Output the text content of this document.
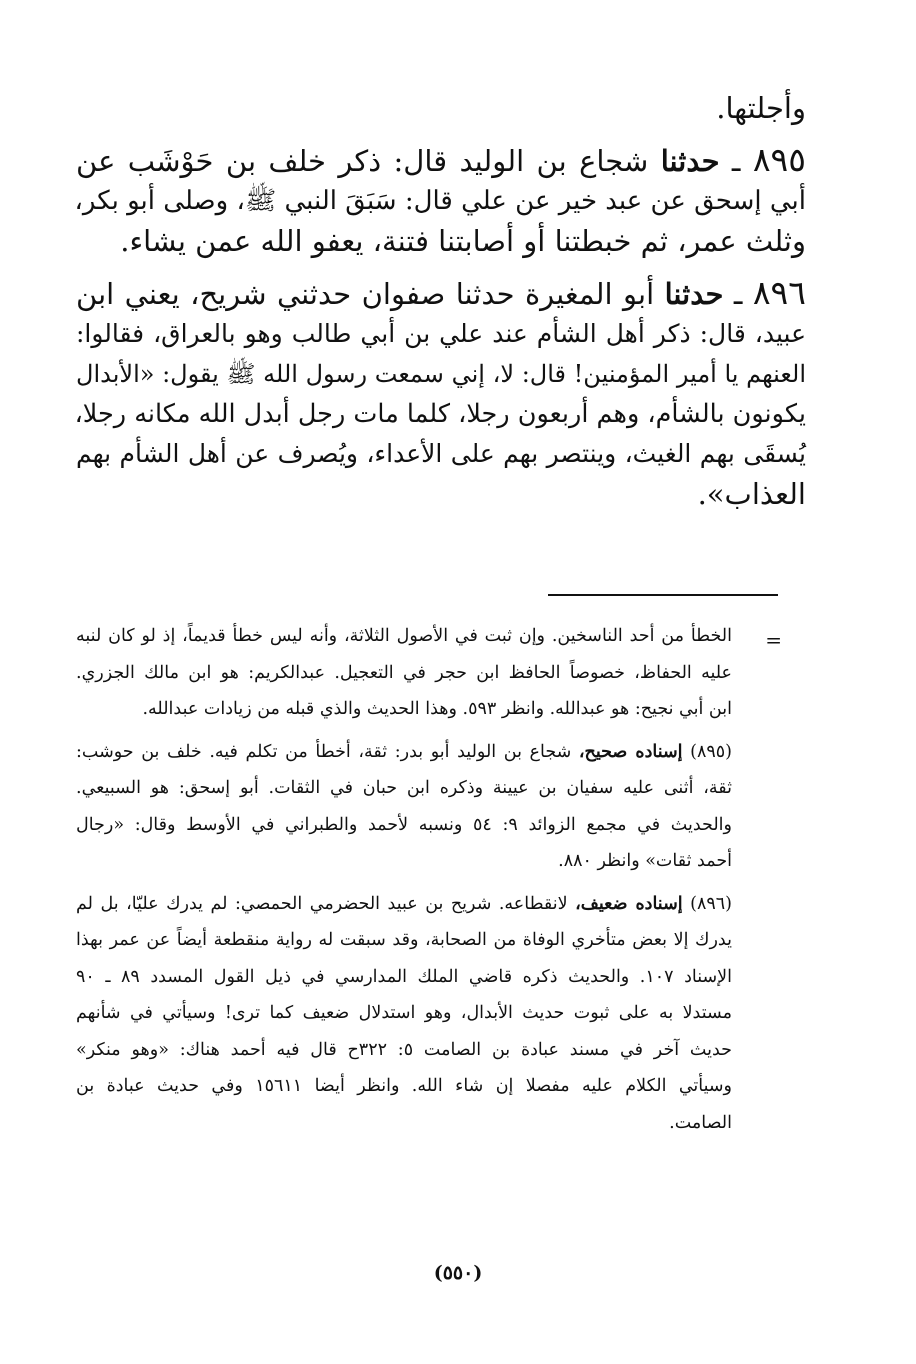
وأجلتها.
٨٩٥ ـ حدثنا شجاع بن الوليد قال: ذكر خلف بن حَوْشَب عن
أبي إسحق عن عبد خير عن علي قال: سَبَقَ النبي ﷺ، وصلى أبو بكر،
وثلث عمر، ثم خبطتنا أو أصابتنا فتنة، يعفو الله عمن يشاء.
٨٩٦ ـ حدثنا أبو المغيرة حدثنا صفوان حدثني شريح، يعني ابن
عبيد، قال: ذكر أهل الشأم عند علي بن أبي طالب وهو بالعراق، فقالوا:
العنهم يا أمير المؤمنين! قال: لا، إني سمعت رسول الله ﷺ يقول: «الأبدال
يكونون بالشأم، وهم أربعون رجلا، كلما مات رجل أبدل الله مكانه رجلا،
يُسقَى بهم الغيث، وينتصر بهم على الأعداء، ويُصرف عن أهل الشأم بهم
العذاب».
=
الخطأ من أحد الناسخين. وإن ثبت في الأصول الثلاثة، وأنه ليس خطأ قديماً، إذ لو كان لنبه
عليه الحفاظ، خصوصاً الحافظ ابن حجر في التعجيل. عبدالكريم: هو ابن مالك الجزري.
ابن أبي نجيح: هو عبدالله. وانظر ٥٩٣. وهذا الحديث والذي قبله من زيادات عبدالله.
(٨٩٥) إسناده صحيح، شجاع بن الوليد أبو بدر: ثقة، أخطأ من تكلم فيه. خلف بن حوشب:
ثقة، أثنى عليه سفيان بن عيينة وذكره ابن حبان في الثقات. أبو إسحق: هو السبيعي.
والحديث في مجمع الزوائد ٩: ٥٤ ونسبه لأحمد والطبراني في الأوسط وقال: «رجال
أحمد ثقات» وانظر ٨٨٠.
(٨٩٦) إسناده ضعيف، لانقطاعه. شريح بن عبيد الحضرمي الحمصي: لم يدرك عليّا، بل لم
يدرك إلا بعض متأخري الوفاة من الصحابة، وقد سبقت له رواية منقطعة أيضاً عن عمر بهذا
الإسناد ١٠٧. والحديث ذكره قاضي الملك المدارسي في ذيل القول المسدد ٨٩ ـ ٩٠
مستدلا به على ثبوت حديث الأبدال، وهو استدلال ضعيف كما ترى! وسيأتي في شأنهم
حديث آخر في مسند عبادة بن الصامت ٥: ٣٢٢ح قال فيه أحمد هناك: «وهو منكر»
وسيأتي الكلام عليه مفصلا إن شاء الله. وانظر أيضا ١٥٦١١ وفي حديث عبادة بن
الصامت.
(٥٥٠)
